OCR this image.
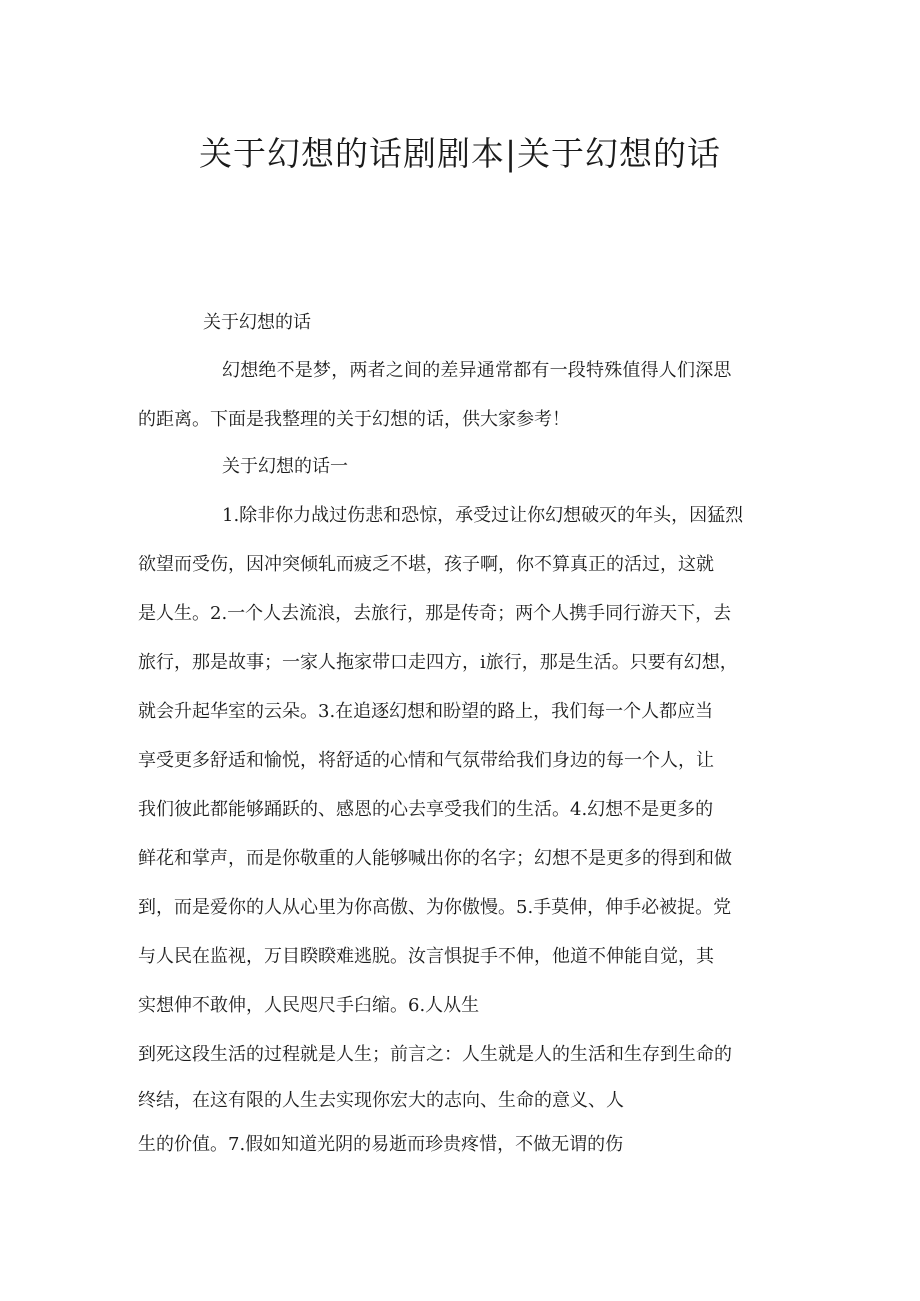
关于幻想的话剧剧本|关于幻想的话
关于幻想的话
幻想绝不是梦，两者之间的差异通常都有一段特殊值得人们深思
的距离。下面是我整理的关于幻想的话，供大家参考！
关于幻想的话一
1.除非你力战过伤悲和恐惊，承受过让你幻想破灭的年头，因猛烈
欲望而受伤，因冲突倾轧而疲乏不堪，孩子啊，你不算真正的活过，这就
是人生。2.一个人去流浪，去旅行，那是传奇；两个人携手同行游天下，去
旅行，那是故事；一家人拖家带口走四方，i旅行，那是生活。只要有幻想，
就会升起华室的云朵。3.在追逐幻想和盼望的路上，我们每一个人都应当
享受更多舒适和愉悦，将舒适的心情和气氛带给我们身边的每一个人，让
我们彼此都能够踊跃的、感恩的心去享受我们的生活。4.幻想不是更多的
鲜花和掌声，而是你敬重的人能够喊出你的名字；幻想不是更多的得到和做
到，而是爱你的人从心里为你高傲、为你傲慢。5.手莫伸，伸手必被捉。党
与人民在监视，万目睽睽难逃脱。汝言惧捉手不伸，他道不伸能自觉，其
实想伸不敢伸，人民咫尺手臼缩。6.人从生
到死这段生活的过程就是人生；前言之：人生就是人的生活和生存到生命的
终结，在这有限的人生去实现你宏大的志向、生命的意义、人
生的价值。7.假如知道光阴的易逝而珍贵疼惜，不做无谓的伤
